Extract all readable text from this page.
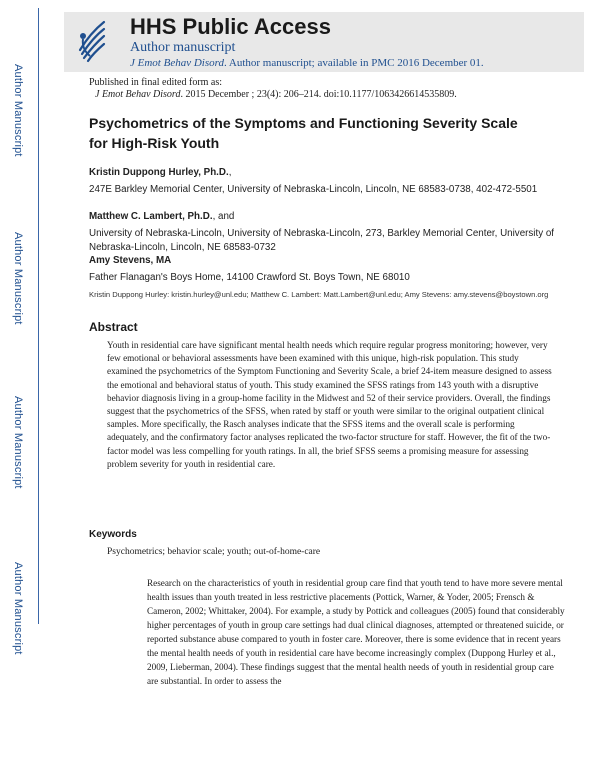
Author Manuscript
Author Manuscript
Author Manuscript
Author Manuscript
HHS Public Access
Author manuscript
J Emot Behav Disord. Author manuscript; available in PMC 2016 December 01.
Published in final edited form as:
J Emot Behav Disord. 2015 December ; 23(4): 206–214. doi:10.1177/1063426614535809.
Psychometrics of the Symptoms and Functioning Severity Scale for High-Risk Youth
Kristin Duppong Hurley, Ph.D.,
247E Barkley Memorial Center, University of Nebraska-Lincoln, Lincoln, NE 68583-0738, 402-472-5501
Matthew C. Lambert, Ph.D., and
University of Nebraska-Lincoln, University of Nebraska-Lincoln, 273, Barkley Memorial Center, University of Nebraska-Lincoln, Lincoln, NE 68583-0732
Amy Stevens, MA
Father Flanagan's Boys Home, 14100 Crawford St. Boys Town, NE 68010
Kristin Duppong Hurley: kristin.hurley@unl.edu; Matthew C. Lambert: Matt.Lambert@unl.edu; Amy Stevens: amy.stevens@boystown.org
Abstract
Youth in residential care have significant mental health needs which require regular progress monitoring; however, very few emotional or behavioral assessments have been examined with this unique, high-risk population. This study examined the psychometrics of the Symptom Functioning and Severity Scale, a brief 24-item measure designed to assess the emotional and behavioral status of youth. This study examined the SFSS ratings from 143 youth with a disruptive behavior diagnosis living in a group-home facility in the Midwest and 52 of their service providers. Overall, the findings suggest that the psychometrics of the SFSS, when rated by staff or youth were similar to the original outpatient clinical samples. More specifically, the Rasch analyses indicate that the SFSS items and the overall scale is performing adequately, and the confirmatory factor analyses replicated the two-factor structure for staff. However, the fit of the two-factor model was less compelling for youth ratings. In all, the brief SFSS seems a promising measure for assessing problem severity for youth in residential care.
Keywords
Psychometrics; behavior scale; youth; out-of-home-care
Research on the characteristics of youth in residential group care find that youth tend to have more severe mental health issues than youth treated in less restrictive placements (Pottick, Warner, & Yoder, 2005; Frensch & Cameron, 2002; Whittaker, 2004). For example, a study by Pottick and colleagues (2005) found that considerably higher percentages of youth in group care settings had dual clinical diagnoses, attempted or threatened suicide, or reported substance abuse compared to youth in foster care. Moreover, there is some evidence that in recent years the mental health needs of youth in residential care have become increasingly complex (Duppong Hurley et al., 2009, Lieberman, 2004). These findings suggest that the mental health needs of youth in residential group care are substantial. In order to assess the
